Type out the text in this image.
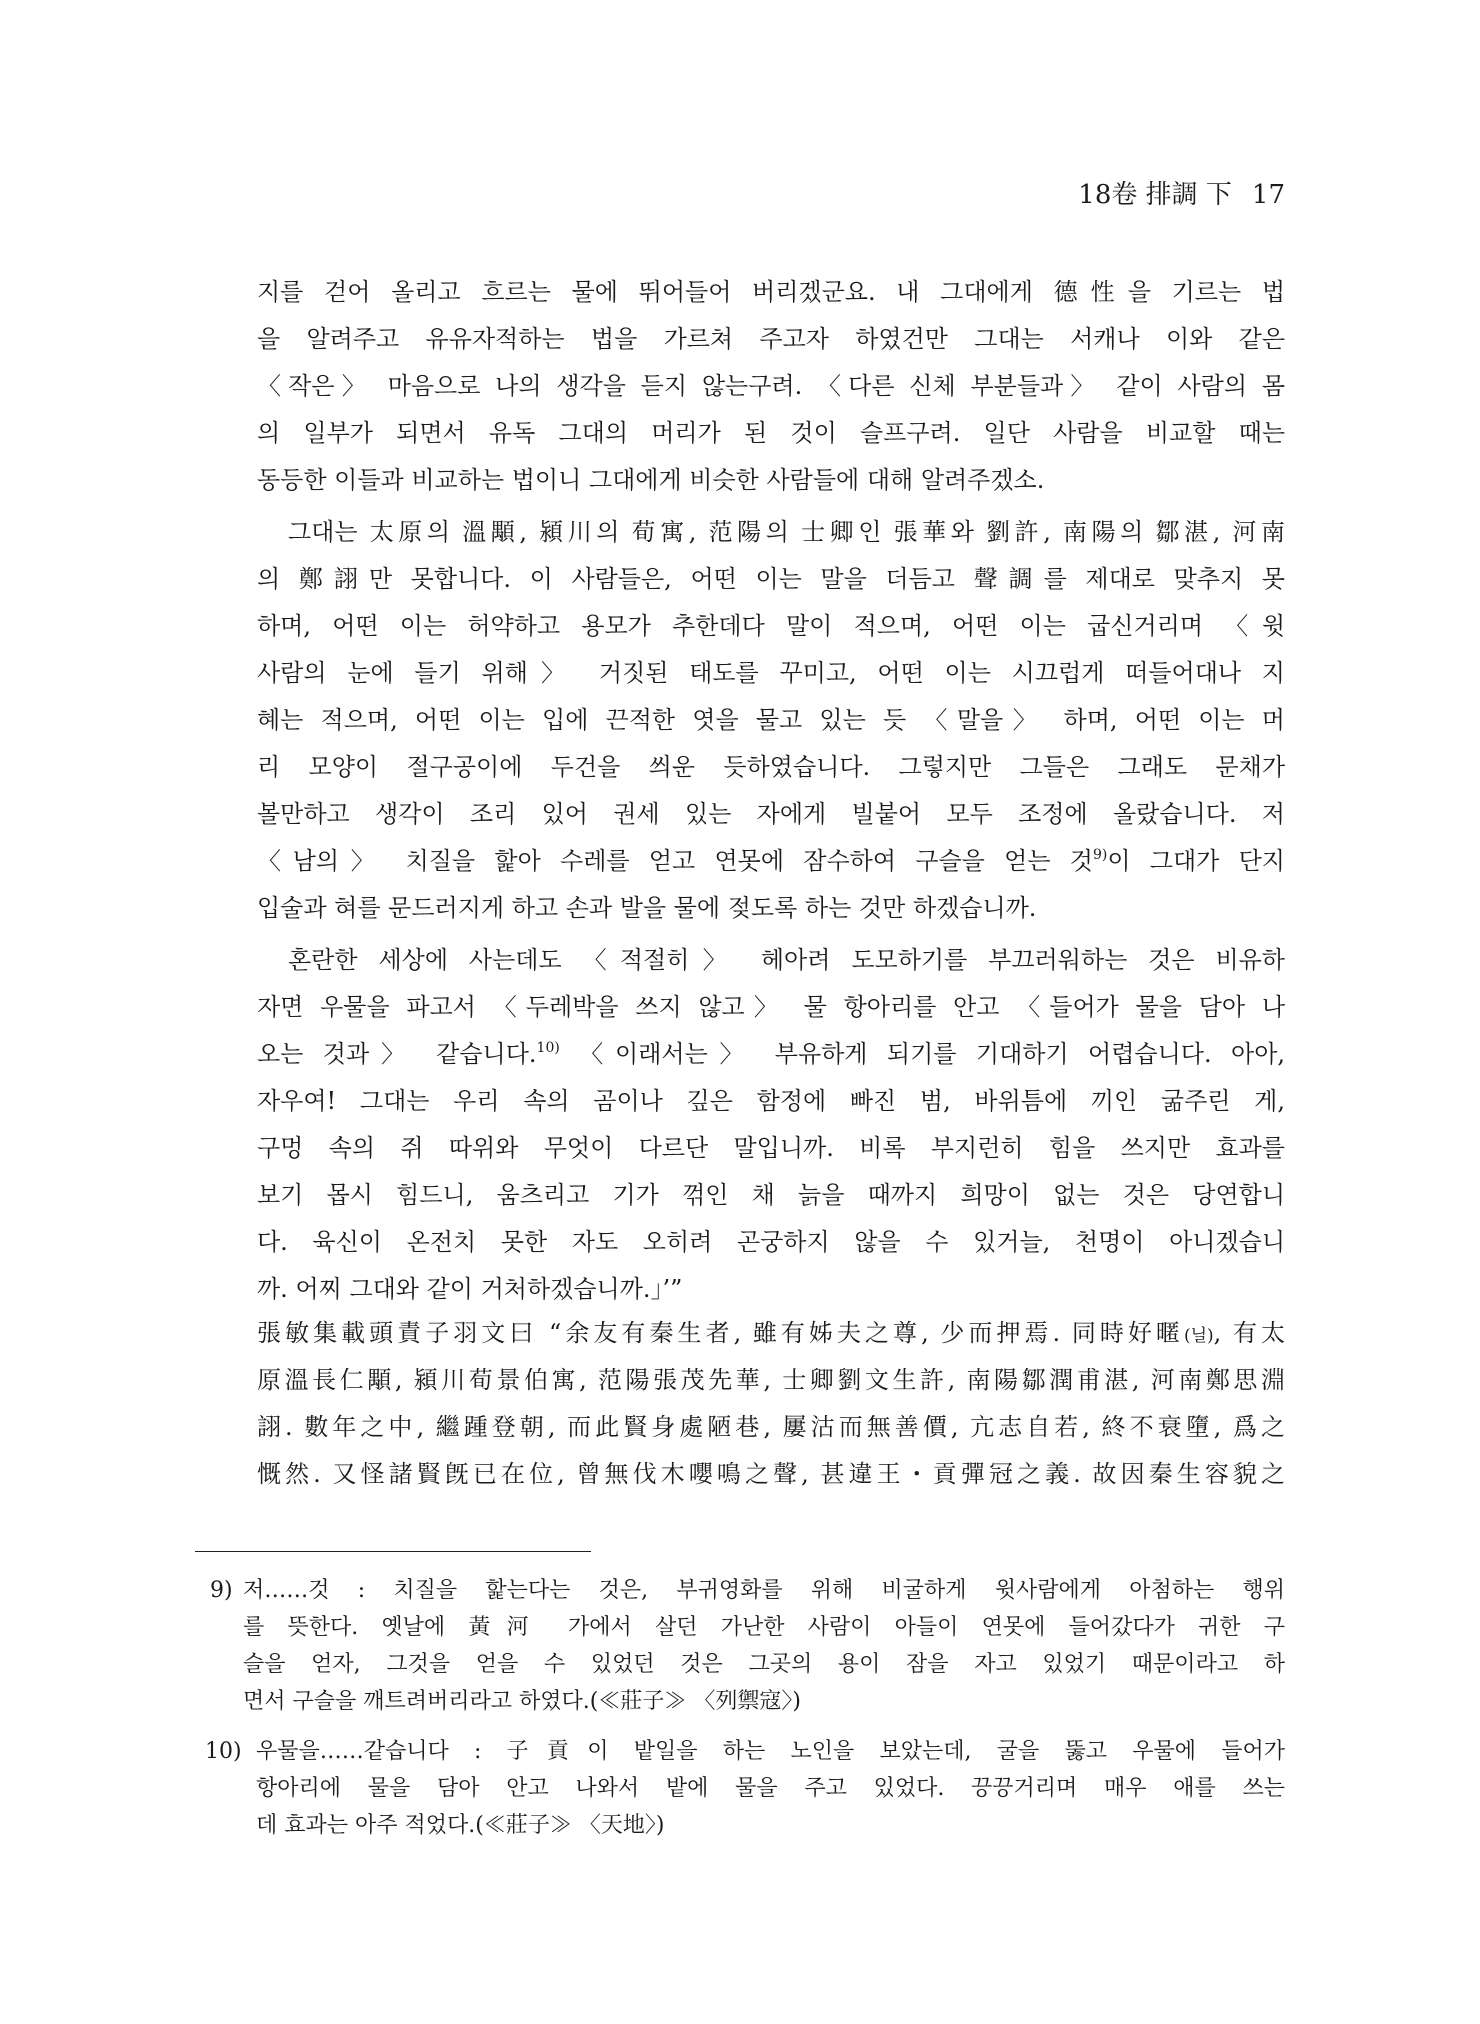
18卷 排調 下 17
지를 걷어 올리고 흐르는 물에 뛰어들어 버리겠군요. 내 그대에게 德性을 기르는 법
을 알려주고 유유자적하는 법을 가르쳐 주고자 하였건만 그대는 서캐나 이와 같은
〈작은〉 마음으로 나의 생각을 듣지 않는구려. 〈다른 신체 부분들과〉 같이 사람의 몸
의 일부가 되면서 유독 그대의 머리가 된 것이 슬프구려. 일단 사람을 비교할 때는
동등한 이들과 비교하는 법이니 그대에게 비슷한 사람들에 대해 알려주겠소.
그대는 太原의 溫顒, 潁川의 荀寓, 范陽의 士卿인 張華와 劉許, 南陽의 鄒湛, 河南
의 鄭詡만 못합니다. 이 사람들은, 어떤 이는 말을 더듬고 聲調를 제대로 맞추지 못
하며, 어떤 이는 허약하고 용모가 추한데다 말이 적으며, 어떤 이는 굽신거리며 〈윗
사람의 눈에 들기 위해〉 거짓된 태도를 꾸미고, 어떤 이는 시끄럽게 떠들어대나 지
혜는 적으며, 어떤 이는 입에 끈적한 엿을 물고 있는 듯 〈말을〉 하며, 어떤 이는 머
리 모양이 절구공이에 두건을 씌운 듯하였습니다. 그렇지만 그들은 그래도 문채가
볼만하고 생각이 조리 있어 권세 있는 자에게 빌붙어 모두 조정에 올랐습니다. 저
〈남의〉 치질을 핥아 수레를 얻고 연못에 잠수하여 구슬을 얻는 것$^{9)}$이 그대가 단지
입술과 혀를 문드러지게 하고 손과 발을 물에 젖도록 하는 것만 하겠습니까.
혼란한 세상에 사는데도 〈적절히〉 헤아려 도모하기를 부끄러워하는 것은 비유하
자면 우물을 파고서 〈두레박을 쓰지 않고〉 물 항아리를 안고 〈들어가 물을 담아 나
오는 것과〉 같습니다.$^{10)}$ 〈이래서는〉 부유하게 되기를 기대하기 어렵습니다. 아아,
자우여! 그대는 우리 속의 곰이나 깊은 함정에 빠진 범, 바위틈에 끼인 굶주린 게,
구멍 속의 쥐 따위와 무엇이 다르단 말입니까. 비록 부지런히 힘을 쓰지만 효과를
보기 몹시 힘드니, 움츠리고 기가 꺾인 채 늙을 때까지 희망이 없는 것은 당연합니
다. 육신이 온전치 못한 자도 오히려 곤궁하지 않을 수 있거늘, 천명이 아니겠습니
까. 어찌 그대와 같이 거처하겠습니까.」’”
張敏集載頭責子羽文曰 “余友有秦生者, 雖有姊夫之尊, 少而押焉. 同時好暱(닐), 有太
原溫長仁顒, 潁川荀景伯寓, 范陽張茂先華, 士卿劉文生許, 南陽鄒潤甫湛, 河南鄭思淵
詡. 數年之中, 繼踵登朝, 而此賢身處陋巷, 屢沽而無善價, 亢志自若, 終不衰墮, 爲之
慨然. 又怪諸賢旣已在位, 曾無伐木嚶鳴之聲, 甚違王・貢彈冠之義. 故因秦生容貌之
9) 저……것 : 치질을 핥는다는 것은, 부귀영화를 위해 비굴하게 윗사람에게 아첨하는 행위
를 뜻한다. 옛날에 黃河 가에서 살던 가난한 사람이 아들이 연못에 들어갔다가 귀한 구
슬을 얻자, 그것을 얻을 수 있었던 것은 그곳의 용이 잠을 자고 있었기 때문이라고 하
면서 구슬을 깨트려버리라고 하였다.(≪莊子≫ 〈列禦寇〉)
10) 우물을……같습니다 : 子貢이 밭일을 하는 노인을 보았는데, 굴을 뚫고 우물에 들어가
항아리에 물을 담아 안고 나와서 밭에 물을 주고 있었다. 끙끙거리며 매우 애를 쓰는
데 효과는 아주 적었다.(≪莊子≫ 〈天地〉)
